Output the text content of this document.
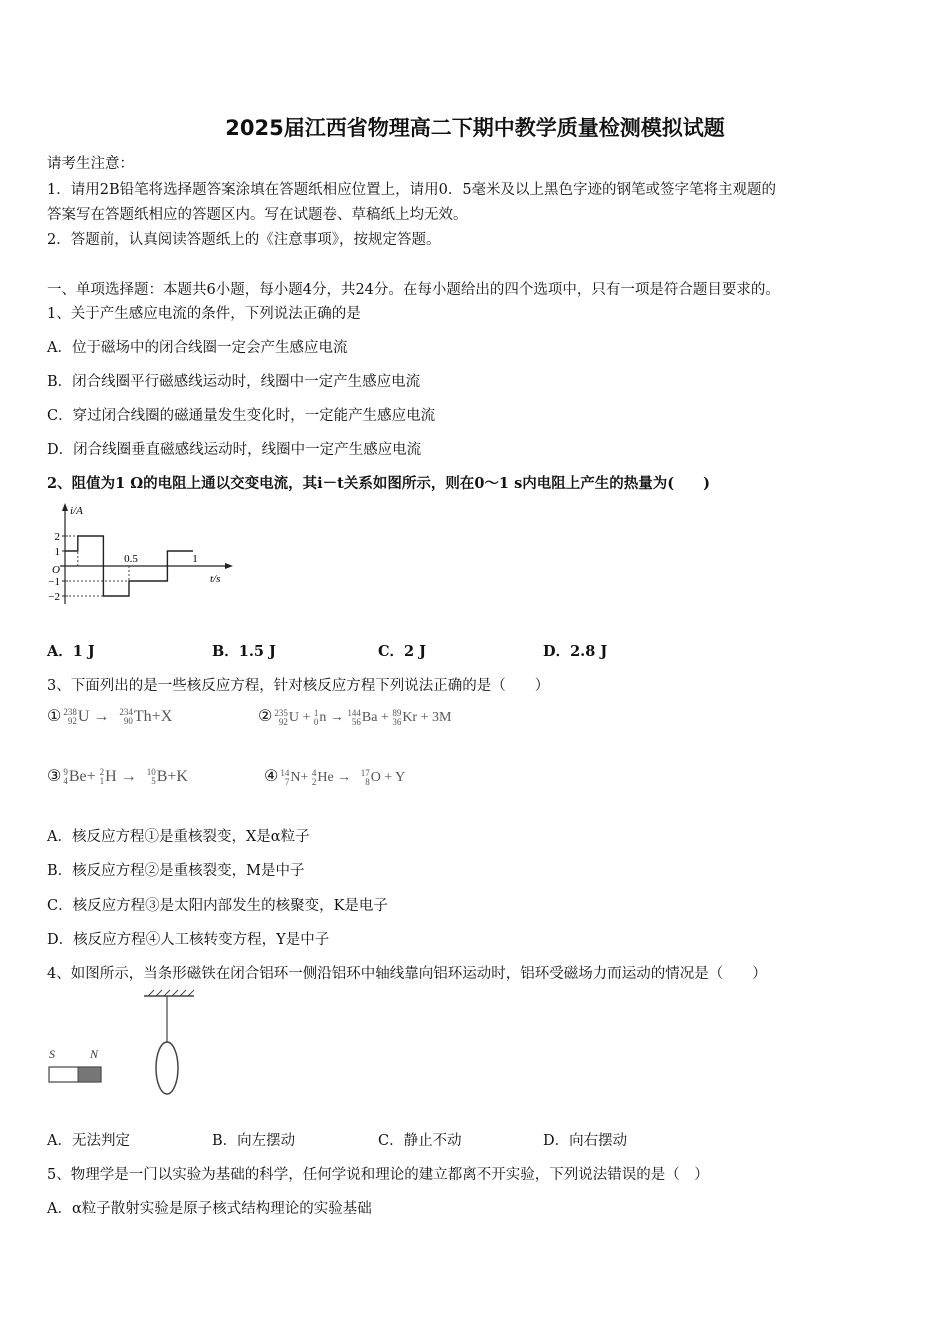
2025届江西省物理高二下期中教学质量检测模拟试题
请考生注意：
1．请用2B铅笔将选择题答案涂填在答题纸相应位置上，请用0．5毫米及以上黑色字迹的钢笔或签字笔将主观题的
答案写在答题纸相应的答题区内。写在试题卷、草稿纸上均无效。
2．答题前，认真阅读答题纸上的《注意事项》，按规定答题。
一、单项选择题：本题共6小题，每小题4分，共24分。在每小题给出的四个选项中，只有一项是符合题目要求的。
1、关于产生感应电流的条件，下列说法正确的是
A．位于磁场中的闭合线圈一定会产生感应电流
B．闭合线圈平行磁感线运动时，线圈中一定产生感应电流
C．穿过闭合线圈的磁通量发生变化时，一定能产生感应电流
D．闭合线圈垂直磁感线运动时，线圈中一定产生感应电流
2、阻值为1 Ω的电阻上通以交变电流，其i－t关系如图所示，则在0～1 s内电阻上产生的热量为(　　)
i/A
t/s
O
2
1
−1
−2
0.5	1
A．1 J	B．1.5 J	C．2 J	D．2.8 J
3、下面列出的是一些核反应方程，针对核反应方程下列说法正确的是（　　）
① 238
92 U → 234
90 Th+X	② 235
92 U + 1
0 n → 144
56 Ba + 89
36 Kr + 3M
③ 9
4 Be+ 2
1 H → 10
5 B+K	④ 14
7 N+ 4
2 He → 17
8 O + Y
A．核反应方程①是重核裂变，X是α粒子
B．核反应方程②是重核裂变，M是中子
C．核反应方程③是太阳内部发生的核聚变，K是电子
D．核反应方程④人工核转变方程，Y是中子
4、如图所示，当条形磁铁在闭合铝环一侧沿铝环中轴线靠向铝环运动时，铝环受磁场力而运动的情况是（　　）
S	N
A．无法判定	B．向左摆动	C．静止不动	D．向右摆动
5、物理学是一门以实验为基础的科学，任何学说和理论的建立都离不开实验，下列说法错误的是（　）
A．α粒子散射实验是原子核式结构理论的实验基础
